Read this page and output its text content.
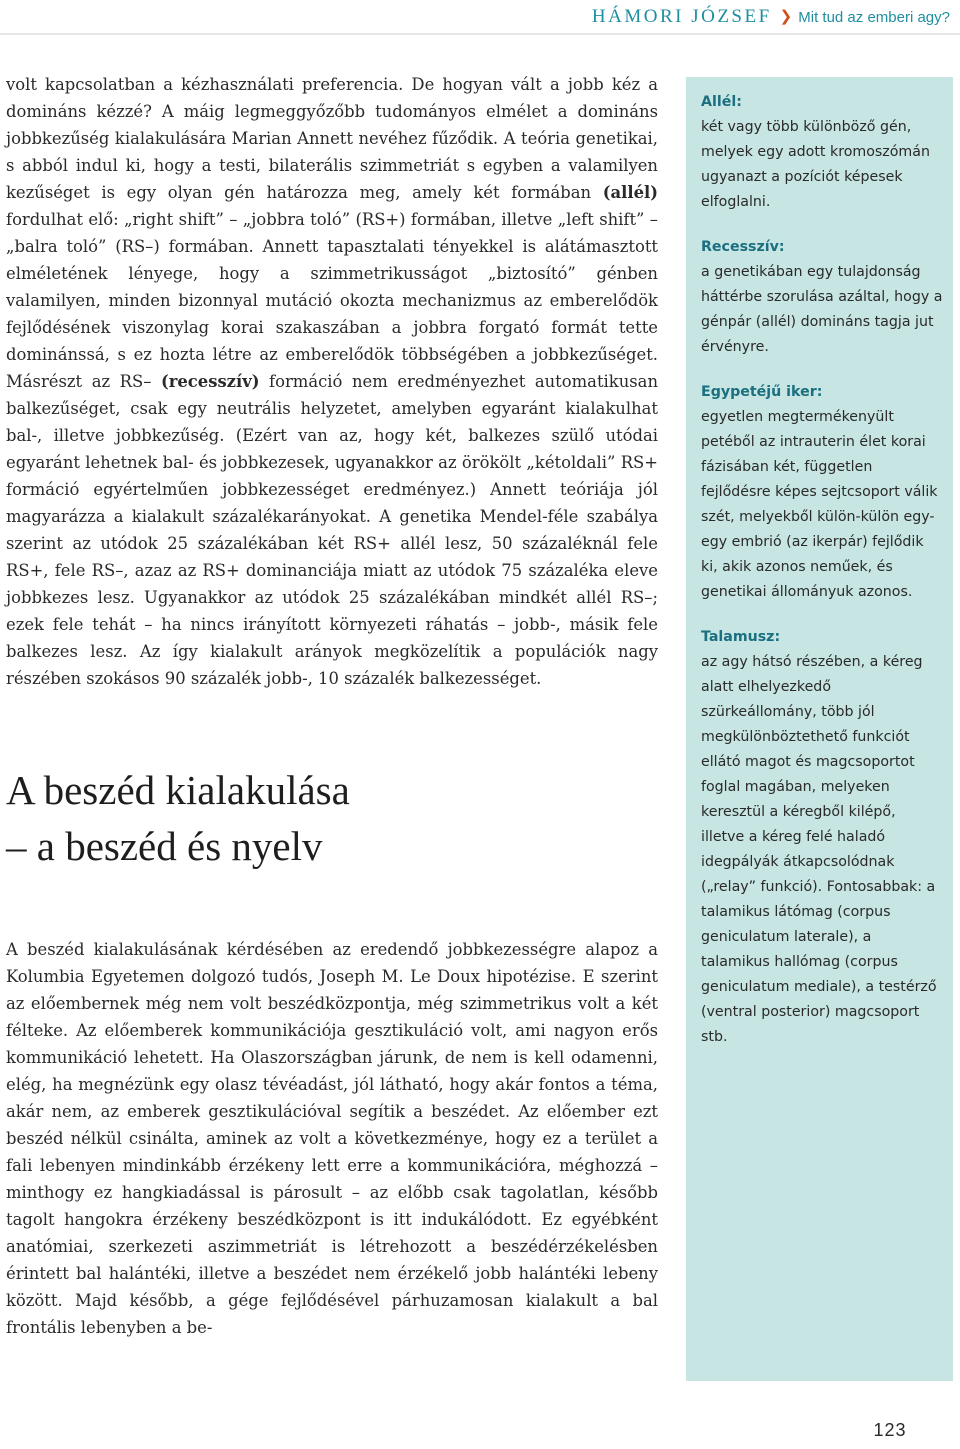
HÁMORI JÓZSEF ❯ Mit tud az emberi agy?

volt kapcsolatban a kézhasználati preferencia. De hogyan vált a jobb kéz a domináns kézzé? A máig legmeggyőzőbb tudományos elmélet a domináns jobbkezűség kialakulására Marian Annett nevéhez fűződik. A teória genetikai, s abból indul ki, hogy a testi, bilaterális szimmetriát s egyben a valamilyen kezűséget is egy olyan gén határozza meg, amely két formában (allél) fordulhat elő: „right shift” – „jobbra toló” (RS+) formában, illetve „left shift” – „balra toló” (RS–) formában. Annett tapasztalati tényekkel is alátámasztott elméletének lényege, hogy a szimmetrikusságot „biztosító” génben valamilyen, minden bizonnyal mutáció okozta mechanizmus az emberelődök fejlődésének viszonylag korai szakaszában a jobbra forgató formát tette dominánssá, s ez hozta létre az emberelődök többségében a jobbkezűséget. Másrészt az RS– (recesszív) formáció nem eredményezhet automatikusan balkezűséget, csak egy neutrális helyzetet, amelyben egyaránt kialakulhat bal-, illetve jobbkezűség. (Ezért van az, hogy két, balkezes szülő utódai egyaránt lehetnek bal- és jobbkezesek, ugyanakkor az örökölt „kétoldali” RS+ formáció egyértelműen jobbkezességet eredményez.) Annett teóriája jól magyarázza a kialakult százalékarányokat. A genetika Mendel-féle szabálya szerint az utódok 25 százalékában két RS+ allél lesz, 50 százaléknál fele RS+, fele RS–, azaz az RS+ dominanciája miatt az utódok 75 százaléka eleve jobbkezes lesz. Ugyanakkor az utódok 25 százalékában mindkét allél RS–; ezek fele tehát – ha nincs irányított környezeti ráhatás – jobb-, másik fele balkezes lesz. Az így kialakult arányok megközelítik a populációk nagy részében szokásos 90 százalék jobb-, 10 százalék balkezességet.

A beszéd kialakulása
– a beszéd és nyelv

A beszéd kialakulásának kérdésében az eredendő jobbkezességre alapoz a Kolumbia Egyetemen dolgozó tudós, Joseph M. Le Doux hipotézise. E szerint az előembernek még nem volt beszédközpontja, még szimmetrikus volt a két félteke. Az előemberek kommunikációja gesztikuláció volt, ami nagyon erős kommunikáció lehetett. Ha Olaszországban járunk, de nem is kell odamenni, elég, ha megnézünk egy olasz tévéadást, jól látható, hogy akár fontos a téma, akár nem, az emberek gesztikulációval segítik a beszédet. Az előember ezt beszéd nélkül csinálta, aminek az volt a következménye, hogy ez a terület a fali lebenyen mindinkább érzékeny lett erre a kommunikációra, méghozzá – minthogy ez hangkiadással is párosult – az előbb csak tagolatlan, később tagolt hangokra érzékeny beszédközpont is itt indukálódott. Ez egyébként anatómiai, szerkezeti aszimmetriát is létrehozott a beszédérzékelésben érintett bal halántéki, illetve a beszédet nem érzékelő jobb halántéki lebeny között. Majd később, a gége fejlődésével párhuzamosan kialakult a bal frontális lebenyben a be-

Allél:
két vagy több különböző gén, melyek egy adott kromoszómán ugyanazt a pozíciót képesek elfoglalni.
Recesszív:
a genetikában egy tulajdonság háttérbe szorulása azáltal, hogy a génpár (allél) domináns tagja jut érvényre.
Egypetéjű iker:
egyetlen megtermékenyült petéből az intrauterin élet korai fázisában két, független fejlődésre képes sejtcsoport válik szét, melyekből külön-külön egy-egy embrió (az ikerpár) fejlődik ki, akik azonos neműek, és genetikai állományuk azonos.
Talamusz:
az agy hátsó részében, a kéreg alatt elhelyezkedő szürkeállomány, több jól megkülönböztethető funkciót ellátó magot és magcsoportot foglal magában, melyeken keresztül a kéregből kilépő, illetve a kéreg felé haladó idegpályák átkapcsolódnak („relay” funkció). Fontosabbak: a talamikus látómag (corpus geniculatum laterale), a talamikus hallómag (corpus geniculatum mediale), a testérző (ventral posterior) magcsoport stb.
123
